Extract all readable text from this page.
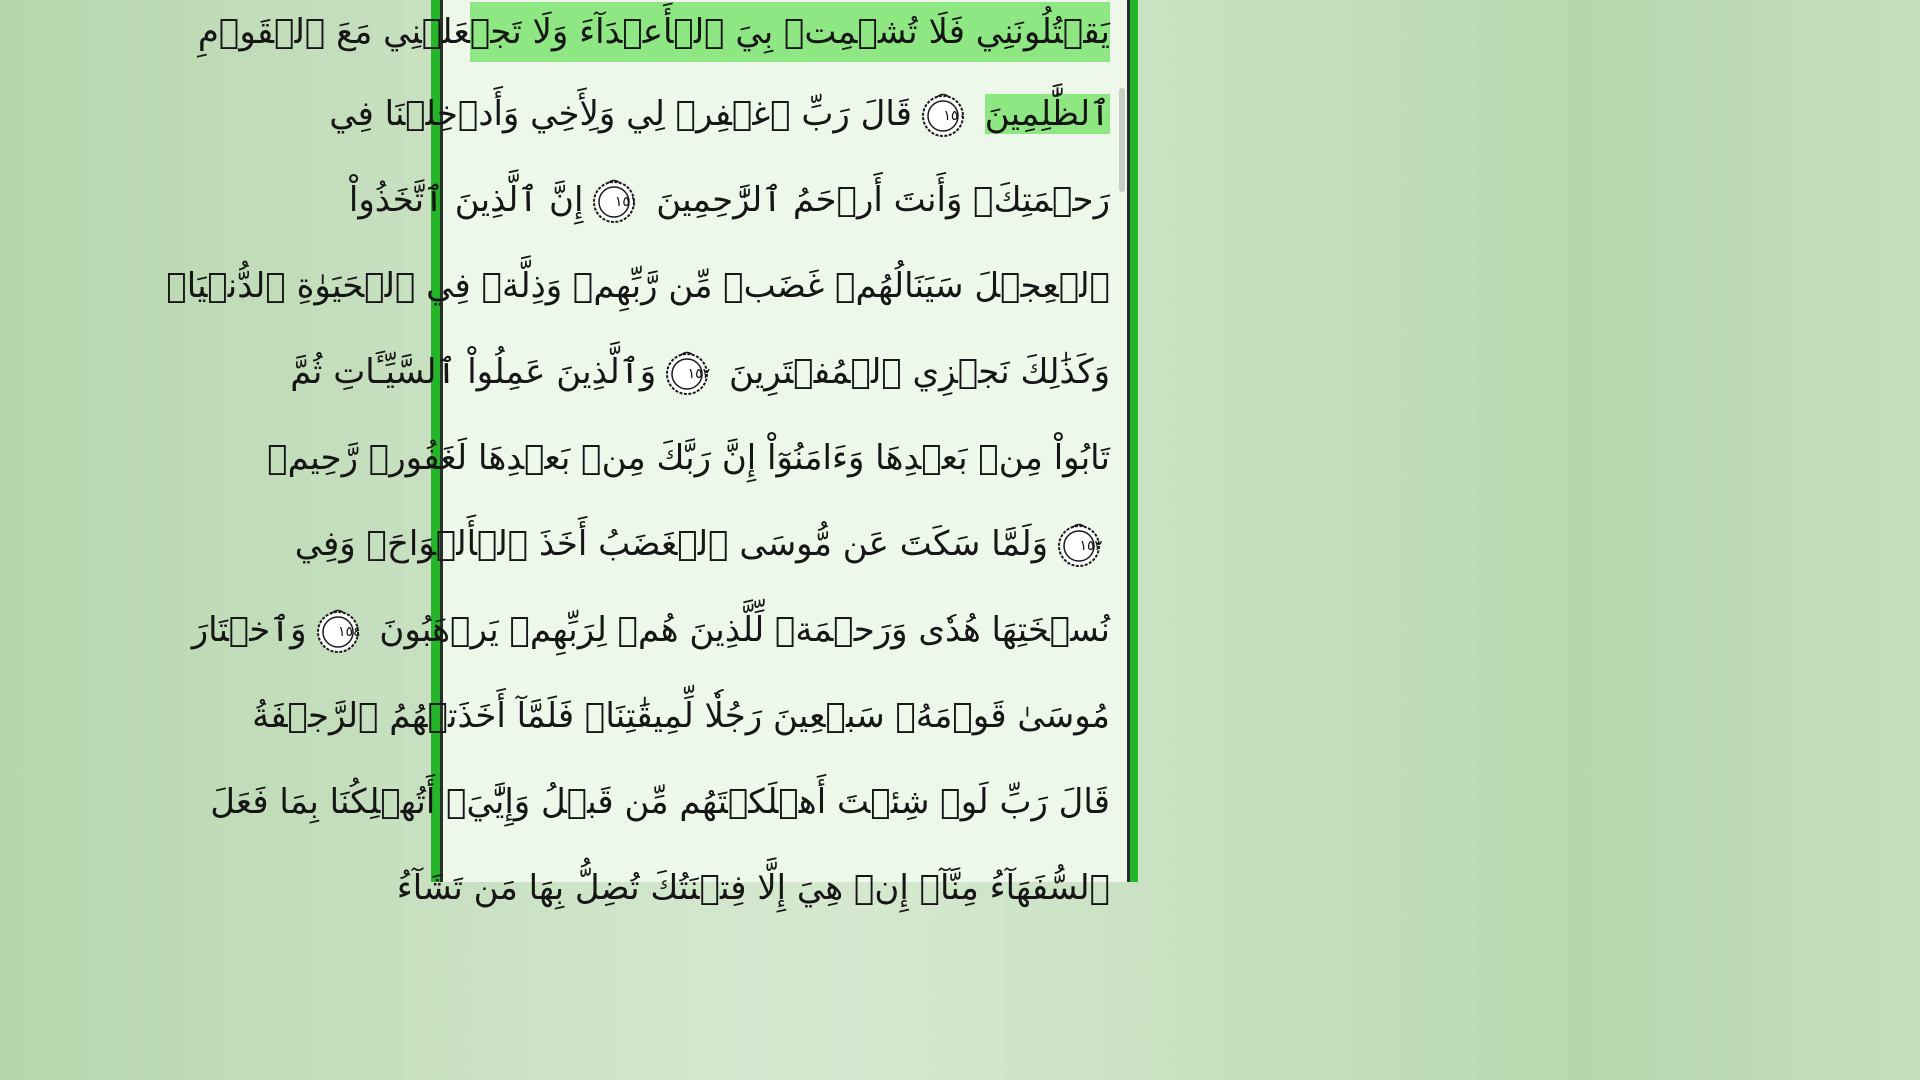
يَقۡتُلُونَنِي فَلَا تُشۡمِتۡ بِيَ ٱلۡأَعۡدَآءَ وَلَا تَجۡعَلۡنِي مَعَ ٱلۡقَوۡمِ
ٱلظَّٰلِمِينَ
١٥٠
قَالَ رَبِّ ٱغۡفِرۡ لِي وَلِأَخِي وَأَدۡخِلۡنَا فِي
رَحۡمَتِكَۖ وَأَنتَ أَرۡحَمُ ٱلرَّٰحِمِينَ
١٥١
إِنَّ ٱلَّذِينَ ٱتَّخَذُواْ
ٱلۡعِجۡلَ سَيَنَالُهُمۡ غَضَبٞ مِّن رَّبِّهِمۡ وَذِلَّةٞ فِي ٱلۡحَيَوٰةِ ٱلدُّنۡيَاۚ
وَكَذَٰلِكَ نَجۡزِي ٱلۡمُفۡتَرِينَ
١٥٢
وَٱلَّذِينَ عَمِلُواْ ٱلسَّيِّـَٔاتِ ثُمَّ
تَابُواْ مِنۢ بَعۡدِهَا وَءَامَنُوٓاْ إِنَّ رَبَّكَ مِنۢ بَعۡدِهَا لَغَفُورٞ رَّحِيمٞ
١٥٣
وَلَمَّا سَكَتَ عَن مُّوسَى ٱلۡغَضَبُ أَخَذَ ٱلۡأَلۡوَاحَۖ وَفِي
نُسۡخَتِهَا هُدٗى وَرَحۡمَةٞ لِّلَّذِينَ هُمۡ لِرَبِّهِمۡ يَرۡهَبُونَ
١٥٤
وَٱخۡتَارَ
مُوسَىٰ قَوۡمَهُۥ سَبۡعِينَ رَجُلٗا لِّمِيقَٰتِنَاۖ فَلَمَّآ أَخَذَتۡهُمُ ٱلرَّجۡفَةُ
قَالَ رَبِّ لَوۡ شِئۡتَ أَهۡلَكۡتَهُم مِّن قَبۡلُ وَإِيَّٰيَۖ أَتُهۡلِكُنَا بِمَا فَعَلَ
ٱلسُّفَهَآءُ مِنَّآۖ إِنۡ هِيَ إِلَّا فِتۡنَتُكَ تُضِلُّ بِهَا مَن تَشَآءُ
